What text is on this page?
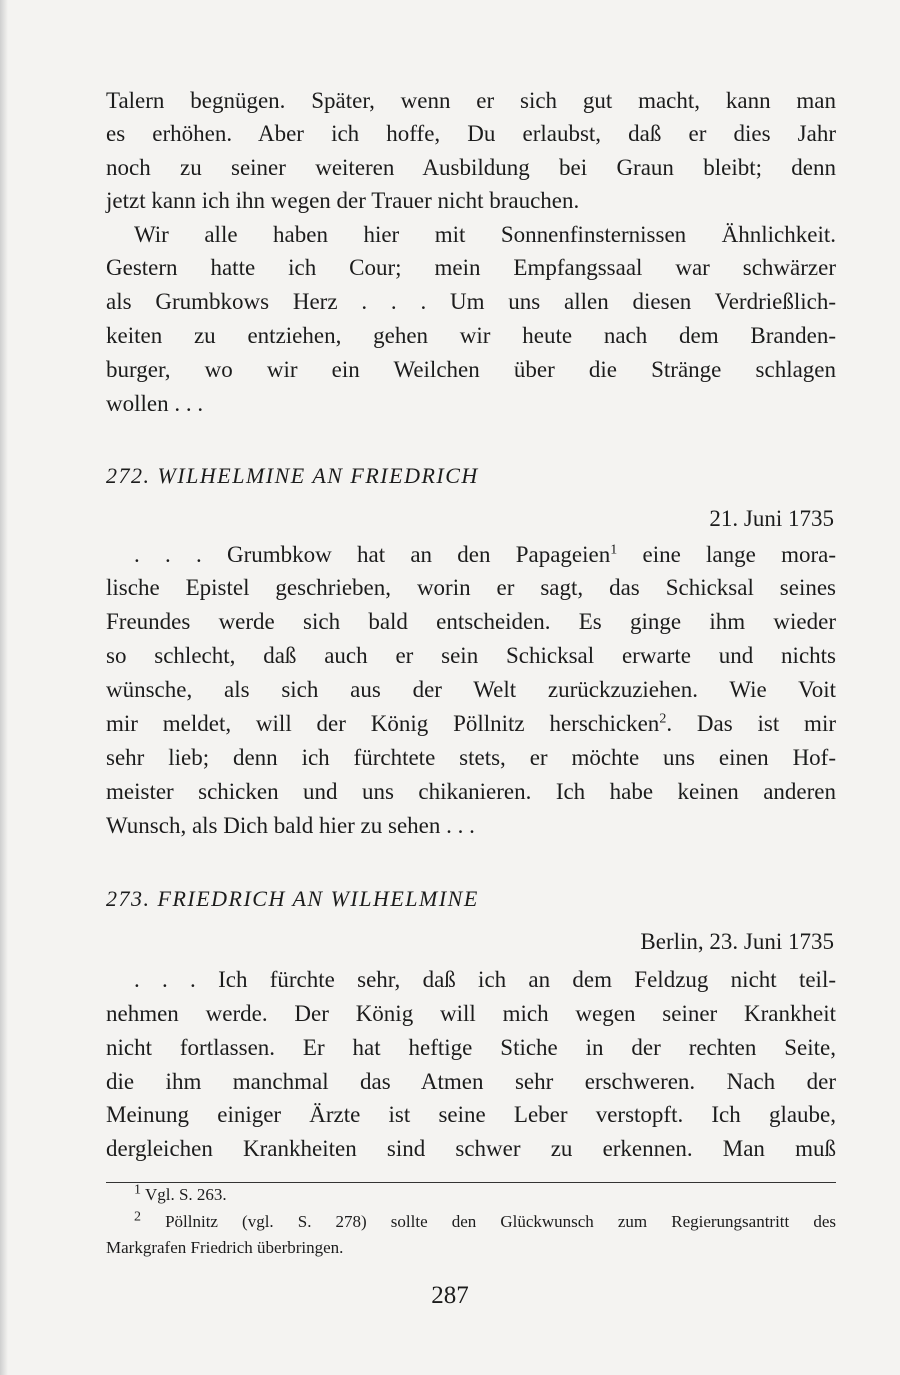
Talern begnügen. Später, wenn er sich gut macht, kann man
es erhöhen. Aber ich hoffe, Du erlaubst, daß er dies Jahr
noch zu seiner weiteren Ausbildung bei Graun bleibt; denn
jetzt kann ich ihn wegen der Trauer nicht brauchen.
Wir alle haben hier mit Sonnenfinsternissen Ähnlichkeit.
Gestern hatte ich Cour; mein Empfangssaal war schwärzer
als Grumbkows Herz . . . Um uns allen diesen Verdrießlich-
keiten zu entziehen, gehen wir heute nach dem Branden-
burger, wo wir ein Weilchen über die Stränge schlagen
wollen . . .
272. WILHELMINE AN FRIEDRICH
21. Juni 1735
. . . Grumbkow hat an den Papageien$^1$ eine lange mora-
lische Epistel geschrieben, worin er sagt, das Schicksal seines
Freundes werde sich bald entscheiden. Es ginge ihm wieder
so schlecht, daß auch er sein Schicksal erwarte und nichts
wünsche, als sich aus der Welt zurückzuziehen. Wie Voit
mir meldet, will der König Pöllnitz herschicken$^2$. Das ist mir
sehr lieb; denn ich fürchtete stets, er möchte uns einen Hof-
meister schicken und uns chikanieren. Ich habe keinen anderen
Wunsch, als Dich bald hier zu sehen . . .
273. FRIEDRICH AN WILHELMINE
Berlin, 23. Juni 1735
. . . Ich fürchte sehr, daß ich an dem Feldzug nicht teil-
nehmen werde. Der König will mich wegen seiner Krankheit
nicht fortlassen. Er hat heftige Stiche in der rechten Seite,
die ihm manchmal das Atmen sehr erschweren. Nach der
Meinung einiger Ärzte ist seine Leber verstopft. Ich glaube,
dergleichen Krankheiten sind schwer zu erkennen. Man muß
$^1$ Vgl. S. 263.
$^2$ Pöllnitz (vgl. S. 278) sollte den Glückwunsch zum Regierungsantritt des
Markgrafen Friedrich überbringen.
287
